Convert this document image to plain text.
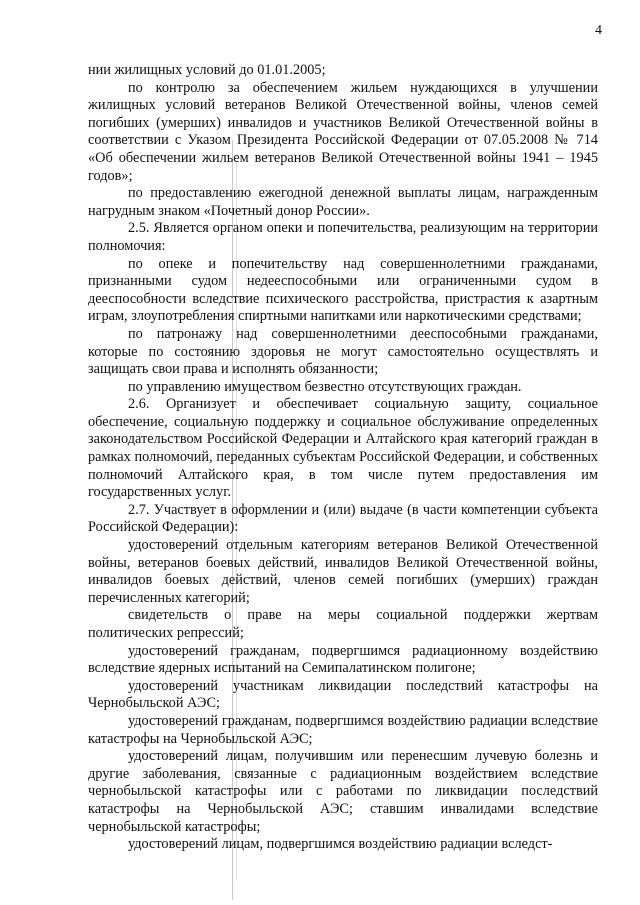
4

нии жилищных условий до 01.01.2005;

по контролю за обеспечением жильем нуждающихся в улучшении жилищных условий ветеранов Великой Отечественной войны, членов семей погибших (умерших) инвалидов и участников Великой Отечественной войны в соответствии с Указом Президента Российской Федерации от 07.05.2008 № 714 «Об обеспечении жильем ветеранов Великой Отечественной войны 1941 – 1945 годов»;

по предоставлению ежегодной денежной выплаты лицам, награжденным нагрудным знаком «Почетный донор России».

2.5. Является органом опеки и попечительства, реализующим на территории полномочия:

по опеке и попечительству над совершеннолетними гражданами, признанными судом недееспособными или ограниченными судом в дееспособности вследствие психического расстройства, пристрастия к азартным играм, злоупотребления спиртными напитками или наркотическими средствами;

по патронажу над совершеннолетними дееспособными гражданами, которые по состоянию здоровья не могут самостоятельно осуществлять и защищать свои права и исполнять обязанности;

по управлению имуществом безвестно отсутствующих граждан.

2.6. Организует и обеспечивает социальную защиту, социальное обеспечение, социальную поддержку и социальное обслуживание определенных законодательством Российской Федерации и Алтайского края категорий граждан в рамках полномочий, переданных субъектам Российской Федерации, и собственных полномочий Алтайского края, в том числе путем предоставления им государственных услуг.

2.7. Участвует в оформлении и (или) выдаче (в части компетенции субъекта Российской Федерации):

удостоверений отдельным категориям ветеранов Великой Отечественной войны, ветеранов боевых действий, инвалидов Великой Отечественной войны, инвалидов боевых действий, членов семей погибших (умерших) граждан перечисленных категорий;

свидетельств о праве на меры социальной поддержки жертвам политических репрессий;

удостоверений гражданам, подвергшимся радиационному воздействию вследствие ядерных испытаний на Семипалатинском полигоне;

удостоверений участникам ликвидации последствий катастрофы на Чернобыльской АЭС;

удостоверений гражданам, подвергшимся воздействию радиации вследствие катастрофы на Чернобыльской АЭС;

удостоверений лицам, получившим или перенесшим лучевую болезнь и другие заболевания, связанные с радиационным воздействием вследствие чернобыльской катастрофы или с работами по ликвидации последствий катастрофы на Чернобыльской АЭС; ставшим инвалидами вследствие чернобыльской катастрофы;

удостоверений лицам, подвергшимся воздействию радиации вследст-
